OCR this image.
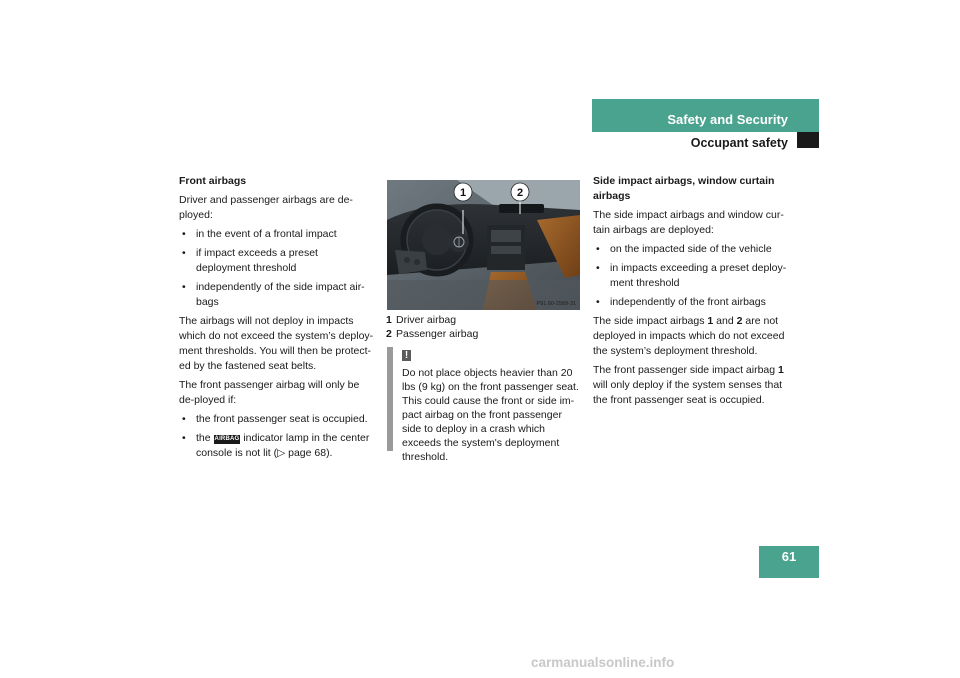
Safety and Security
Occupant safety
Front airbags

Driver and passenger airbags are de-ployed:

• in the event of a frontal impact
• if impact exceeds a preset deployment threshold
• independently of the side impact air-bags

The airbags will not deploy in impacts which do not exceed the system’s deploy-ment thresholds. You will then be protect-ed by the fastened seat belts.

The front passenger airbag will only be de-ployed if:

• the front passenger seat is occupied.
• the AIRBAG indicator lamp in the center console is not lit (▷ page 68).
1	2
P91.60-2589-31
1 Driver airbag
2 Passenger airbag
!
Do not place objects heavier than 20 lbs (9 kg) on the front passenger seat. This could cause the front or side im-pact airbag on the front passenger side to deploy in a crash which exceeds the system's deployment threshold.
Side impact airbags, window curtain airbags

The side impact airbags and window cur-tain airbags are deployed:

• on the impacted side of the vehicle
• in impacts exceeding a preset deploy-ment threshold
• independently of the front airbags

The side impact airbags 1 and 2 are not deployed in impacts which do not exceed the system’s deployment threshold.

The front passenger side impact airbag 1 will only deploy if the system senses that the front passenger seat is occupied.

61
carmanualsonline.info
